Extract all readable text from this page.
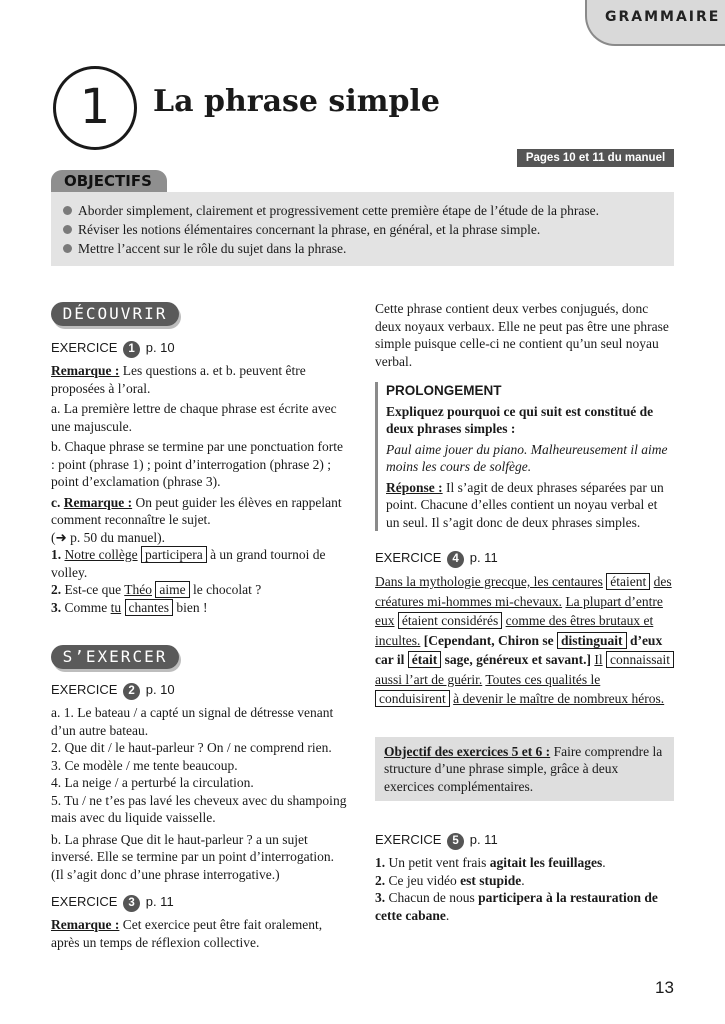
GRAMMAIRE
1	La phrase simple
Pages 10 et 11 du manuel
OBJECTIFS
Aborder simplement, clairement et progressivement cette première étape de l’étude de la phrase.
Réviser les notions élémentaires concernant la phrase, en général, et la phrase simple.
Mettre l’accent sur le rôle du sujet dans la phrase.
DÉCOUVRIR
S’EXERCER
EXERCICE 1 p. 10

Remarque : Les questions a. et b. peuvent être proposées à l’oral.

a. La première lettre de chaque phrase est écrite avec une majuscule.

b. Chaque phrase se termine par une ponctuation forte : point (phrase 1) ; point d’interrogation (phrase 2) ; point d’exclamation (phrase 3).

c. Remarque : On peut guider les élèves en rappelant comment reconnaître le sujet.

(➜ p. 50 du manuel).

1. Notre collège participera à un grand tournoi de volley.

2. Est-ce que Théo aime le chocolat ?

3. Comme tu chantes bien !

EXERCICE 2 p. 10

a. 1. Le bateau / a capté un signal de détresse venant d’un autre bateau.

2. Que dit / le haut-parleur ? On / ne comprend rien.

3. Ce modèle / me tente beaucoup.

4. La neige / a perturbé la circulation.

5. Tu / ne t’es pas lavé les cheveux avec du shampoing mais avec du liquide vaisselle.

b. La phrase Que dit le haut-parleur ? a un sujet inversé. Elle se termine par un point d’interrogation. (Il s’agit donc d’une phrase interrogative.)

EXERCICE 3 p. 11

Remarque : Cet exercice peut être fait oralement, après un temps de réflexion collective.

Cette phrase contient deux verbes conjugués, donc deux noyaux verbaux. Elle ne peut pas être une phrase simple puisque celle-ci ne contient qu’un seul noyau verbal.

PROLONGEMENT

Expliquez pourquoi ce qui suit est constitué de deux phrases simples :

Paul aime jouer du piano. Malheureusement il aime moins les cours de solfège.

Réponse : Il s’agit de deux phrases séparées par un point. Chacune d’elles contient un noyau verbal et un seul. Il s’agit donc de deux phrases simples.

EXERCICE 4 p. 11

Dans la mythologie grecque, les centaures étaient des créatures mi-hommes mi-chevaux. La plupart d’entre eux étaient considérés comme des êtres brutaux et incultes. [Cependant, Chiron se distinguait d’eux car il était sage, généreux et savant.] Il connaissait aussi l’art de guérir. Toutes ces qualités le conduisirent à devenir le maître de nombreux héros.

Objectif des exercices 5 et 6 : Faire comprendre la structure d’une phrase simple, grâce à deux exercices complémentaires.
EXERCICE 5 p. 11

1. Un petit vent frais agitait les feuillages.

2. Ce jeu vidéo est stupide.

3. Chacun de nous participera à la restauration de cette cabane.

13
